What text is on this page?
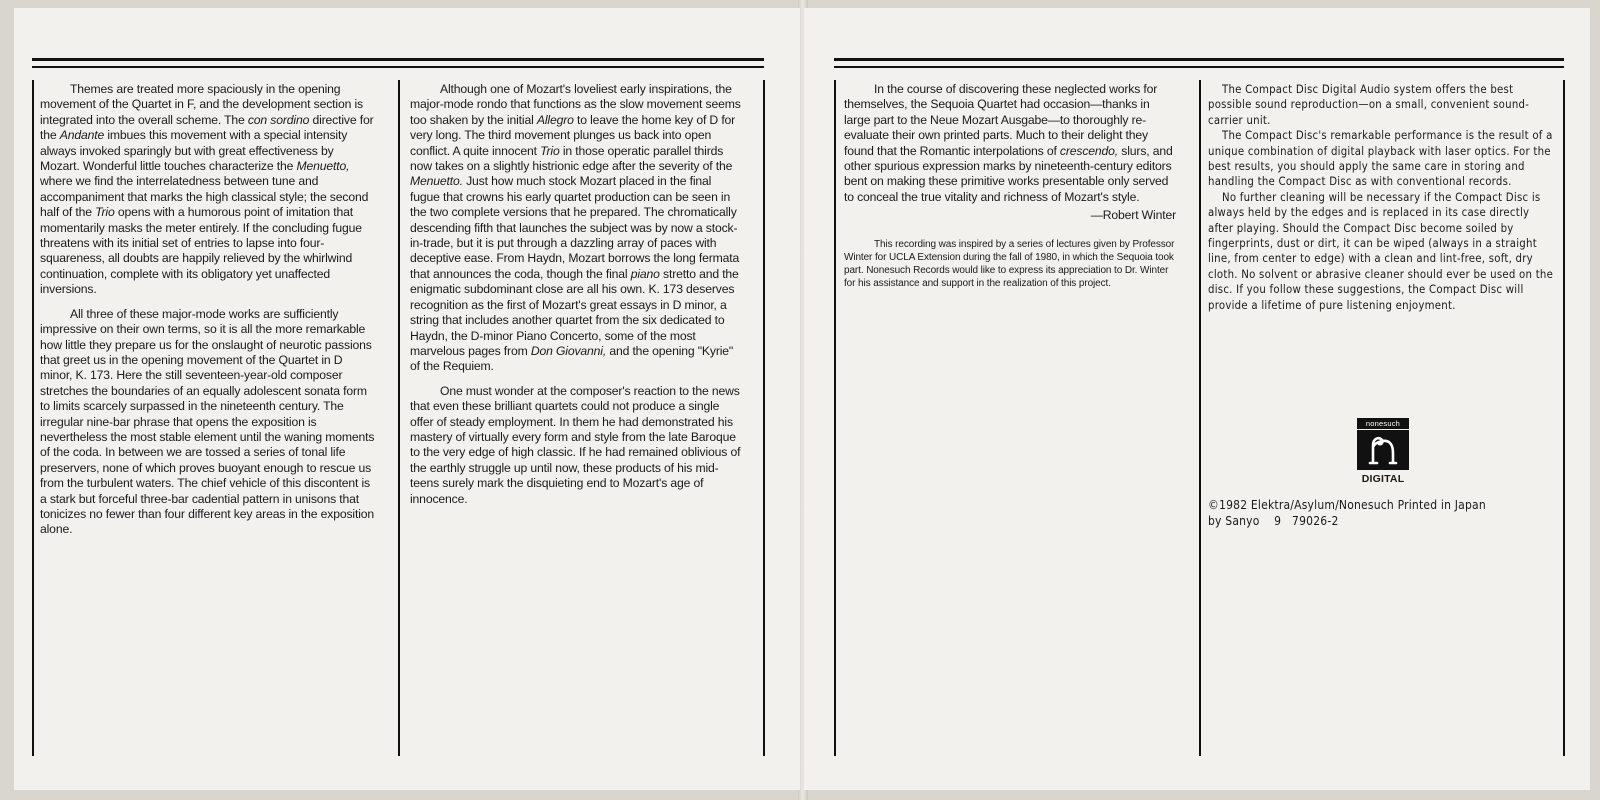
Themes are treated more spaciously in the opening movement of the Quartet in F, and the development section is integrated into the overall scheme. The con sordino directive for the Andante imbues this movement with a special intensity always invoked sparingly but with great effectiveness by Mozart. Wonderful little touches characterize the Menuetto, where we find the interrelatedness between tune and accompaniment that marks the high classical style; the second half of the Trio opens with a humorous point of imitation that momentarily masks the meter entirely. If the concluding fugue threatens with its initial set of entries to lapse into four-squareness, all doubts are happily relieved by the whirlwind continuation, complete with its obligatory yet unaffected inversions.

All three of these major-mode works are sufficiently impressive on their own terms, so it is all the more remarkable how little they prepare us for the onslaught of neurotic passions that greet us in the opening movement of the Quartet in D minor, K. 173. Here the still seventeen-year-old composer stretches the boundaries of an equally adolescent sonata form to limits scarcely surpassed in the nineteenth century. The irregular nine-bar phrase that opens the exposition is nevertheless the most stable element until the waning moments of the coda. In between we are tossed a series of tonal life preservers, none of which proves buoyant enough to rescue us from the turbulent waters. The chief vehicle of this discontent is a stark but forceful three-bar cadential pattern in unisons that tonicizes no fewer than four different key areas in the exposition alone.

Although one of Mozart's loveliest early inspirations, the major-mode rondo that functions as the slow movement seems too shaken by the initial Allegro to leave the home key of D for very long. The third movement plunges us back into open conflict. A quite innocent Trio in those operatic parallel thirds now takes on a slightly histrionic edge after the severity of the Menuetto. Just how much stock Mozart placed in the final fugue that crowns his early quartet production can be seen in the two complete versions that he prepared. The chromatically descending fifth that launches the subject was by now a stock-in-trade, but it is put through a dazzling array of paces with deceptive ease. From Haydn, Mozart borrows the long fermata that announces the coda, though the final piano stretto and the enigmatic subdominant close are all his own. K. 173 deserves recognition as the first of Mozart's great essays in D minor, a string that includes another quartet from the six dedicated to Haydn, the D-minor Piano Concerto, some of the most marvelous pages from Don Giovanni, and the opening "Kyrie" of the Requiem.

One must wonder at the composer's reaction to the news that even these brilliant quartets could not produce a single offer of steady employment. In them he had demonstrated his mastery of virtually every form and style from the late Baroque to the very edge of high classic. If he had remained oblivious of the earthly struggle up until now, these products of his mid-teens surely mark the disquieting end to Mozart's age of innocence.

In the course of discovering these neglected works for themselves, the Sequoia Quartet had occasion—thanks in large part to the Neue Mozart Ausgabe—to thoroughly re-evaluate their own printed parts. Much to their delight they found that the Romantic interpolations of crescendo, slurs, and other spurious expression marks by nineteenth-century editors bent on making these primitive works presentable only served to conceal the true vitality and richness of Mozart's style.

—Robert Winter

This recording was inspired by a series of lectures given by Professor Winter for UCLA Extension during the fall of 1980, in which the Sequoia took part. Nonesuch Records would like to express its appreciation to Dr. Winter for his assistance and support in the realization of this project.

The Compact Disc Digital Audio system offers the best possible sound reproduction—on a small, convenient sound-carrier unit.

The Compact Disc's remarkable performance is the result of a unique combination of digital playback with laser optics. For the best results, you should apply the same care in storing and handling the Compact Disc as with conventional records.

No further cleaning will be necessary if the Compact Disc is always held by the edges and is replaced in its case directly after playing. Should the Compact Disc become soiled by fingerprints, dust or dirt, it can be wiped (always in a straight line, from center to edge) with a clean and lint-free, soft, dry cloth. No solvent or abrasive cleaner should ever be used on the disc. If you follow these suggestions, the Compact Disc will provide a lifetime of pure listening enjoyment.

nonesuch
DIGITAL
©1982 Elektra/Asylum/Nonesuch Printed in Japan
by Sanyo    9   79026-2
